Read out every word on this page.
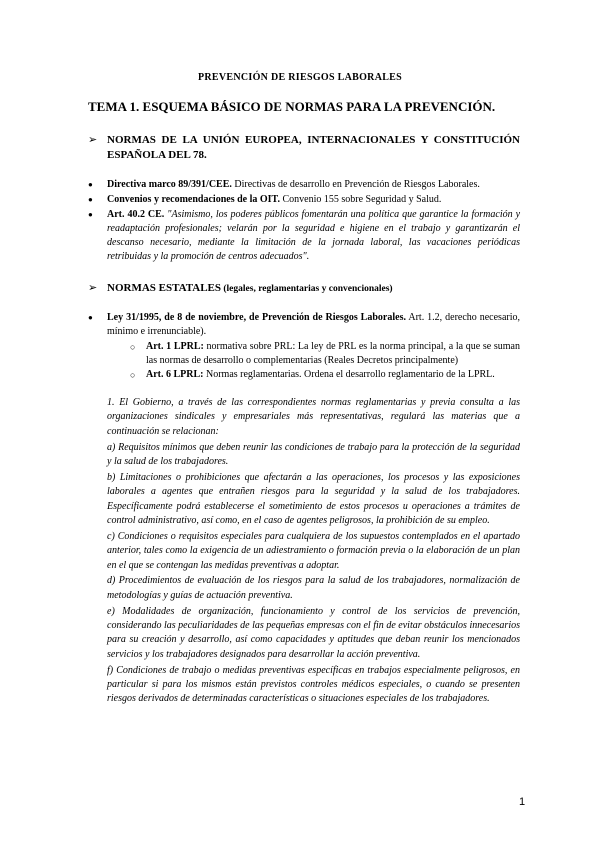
PREVENCIÓN DE RIESGOS LABORALES
TEMA 1. ESQUEMA BÁSICO DE NORMAS PARA LA PREVENCIÓN.
➢ NORMAS DE LA UNIÓN EUROPEA, INTERNACIONALES Y CONSTITUCIÓN ESPAÑOLA DEL 78.
●	Directiva marco 89/391/CEE. Directivas de desarrollo en Prevención de Riesgos Laborales.
●	Convenios y recomendaciones de la OIT. Convenio 155 sobre Seguridad y Salud.
●	Art. 40.2 CE. "Asimismo, los poderes públicos fomentarán una política que garantice la formación y readaptación profesionales; velarán por la seguridad e higiene en el trabajo y garantizarán el descanso necesario, mediante la limitación de la jornada laboral, las vacaciones periódicas retribuidas y la promoción de centros adecuados".
➢ NORMAS ESTATALES (legales, reglamentarias y convencionales)
●	Ley 31/1995, de 8 de noviembre, de Prevención de Riesgos Laborales. Art. 1.2, derecho necesario, mínimo e irrenunciable).
○	Art. 1 LPRL: normativa sobre PRL: La ley de PRL es la norma principal, a la que se suman las normas de desarrollo o complementarias (Reales Decretos principalmente)
○	Art. 6 LPRL: Normas reglamentarias. Ordena el desarrollo reglamentario de la LPRL.

1. El Gobierno, a través de las correspondientes normas reglamentarias y previa consulta a las organizaciones sindicales y empresariales más representativas, regulará las materias que a continuación se relacionan:

a) Requisitos mínimos que deben reunir las condiciones de trabajo para la protección de la seguridad y la salud de los trabajadores.

b) Limitaciones o prohibiciones que afectarán a las operaciones, los procesos y las exposiciones laborales a agentes que entrañen riesgos para la seguridad y la salud de los trabajadores. Específicamente podrá establecerse el sometimiento de estos procesos u operaciones a trámites de control administrativo, así como, en el caso de agentes peligrosos, la prohibición de su empleo.

c) Condiciones o requisitos especiales para cualquiera de los supuestos contemplados en el apartado anterior, tales como la exigencia de un adiestramiento o formación previa o la elaboración de un plan en el que se contengan las medidas preventivas a adoptar.

d) Procedimientos de evaluación de los riesgos para la salud de los trabajadores, normalización de metodologías y guías de actuación preventiva.

e) Modalidades de organización, funcionamiento y control de los servicios de prevención, considerando las peculiaridades de las pequeñas empresas con el fin de evitar obstáculos innecesarios para su creación y desarrollo, así como capacidades y aptitudes que deban reunir los mencionados servicios y los trabajadores designados para desarrollar la acción preventiva.

f) Condiciones de trabajo o medidas preventivas específicas en trabajos especialmente peligrosos, en particular si para los mismos están previstos controles médicos especiales, o cuando se presenten riesgos derivados de determinadas características o situaciones especiales de los trabajadores.

1
